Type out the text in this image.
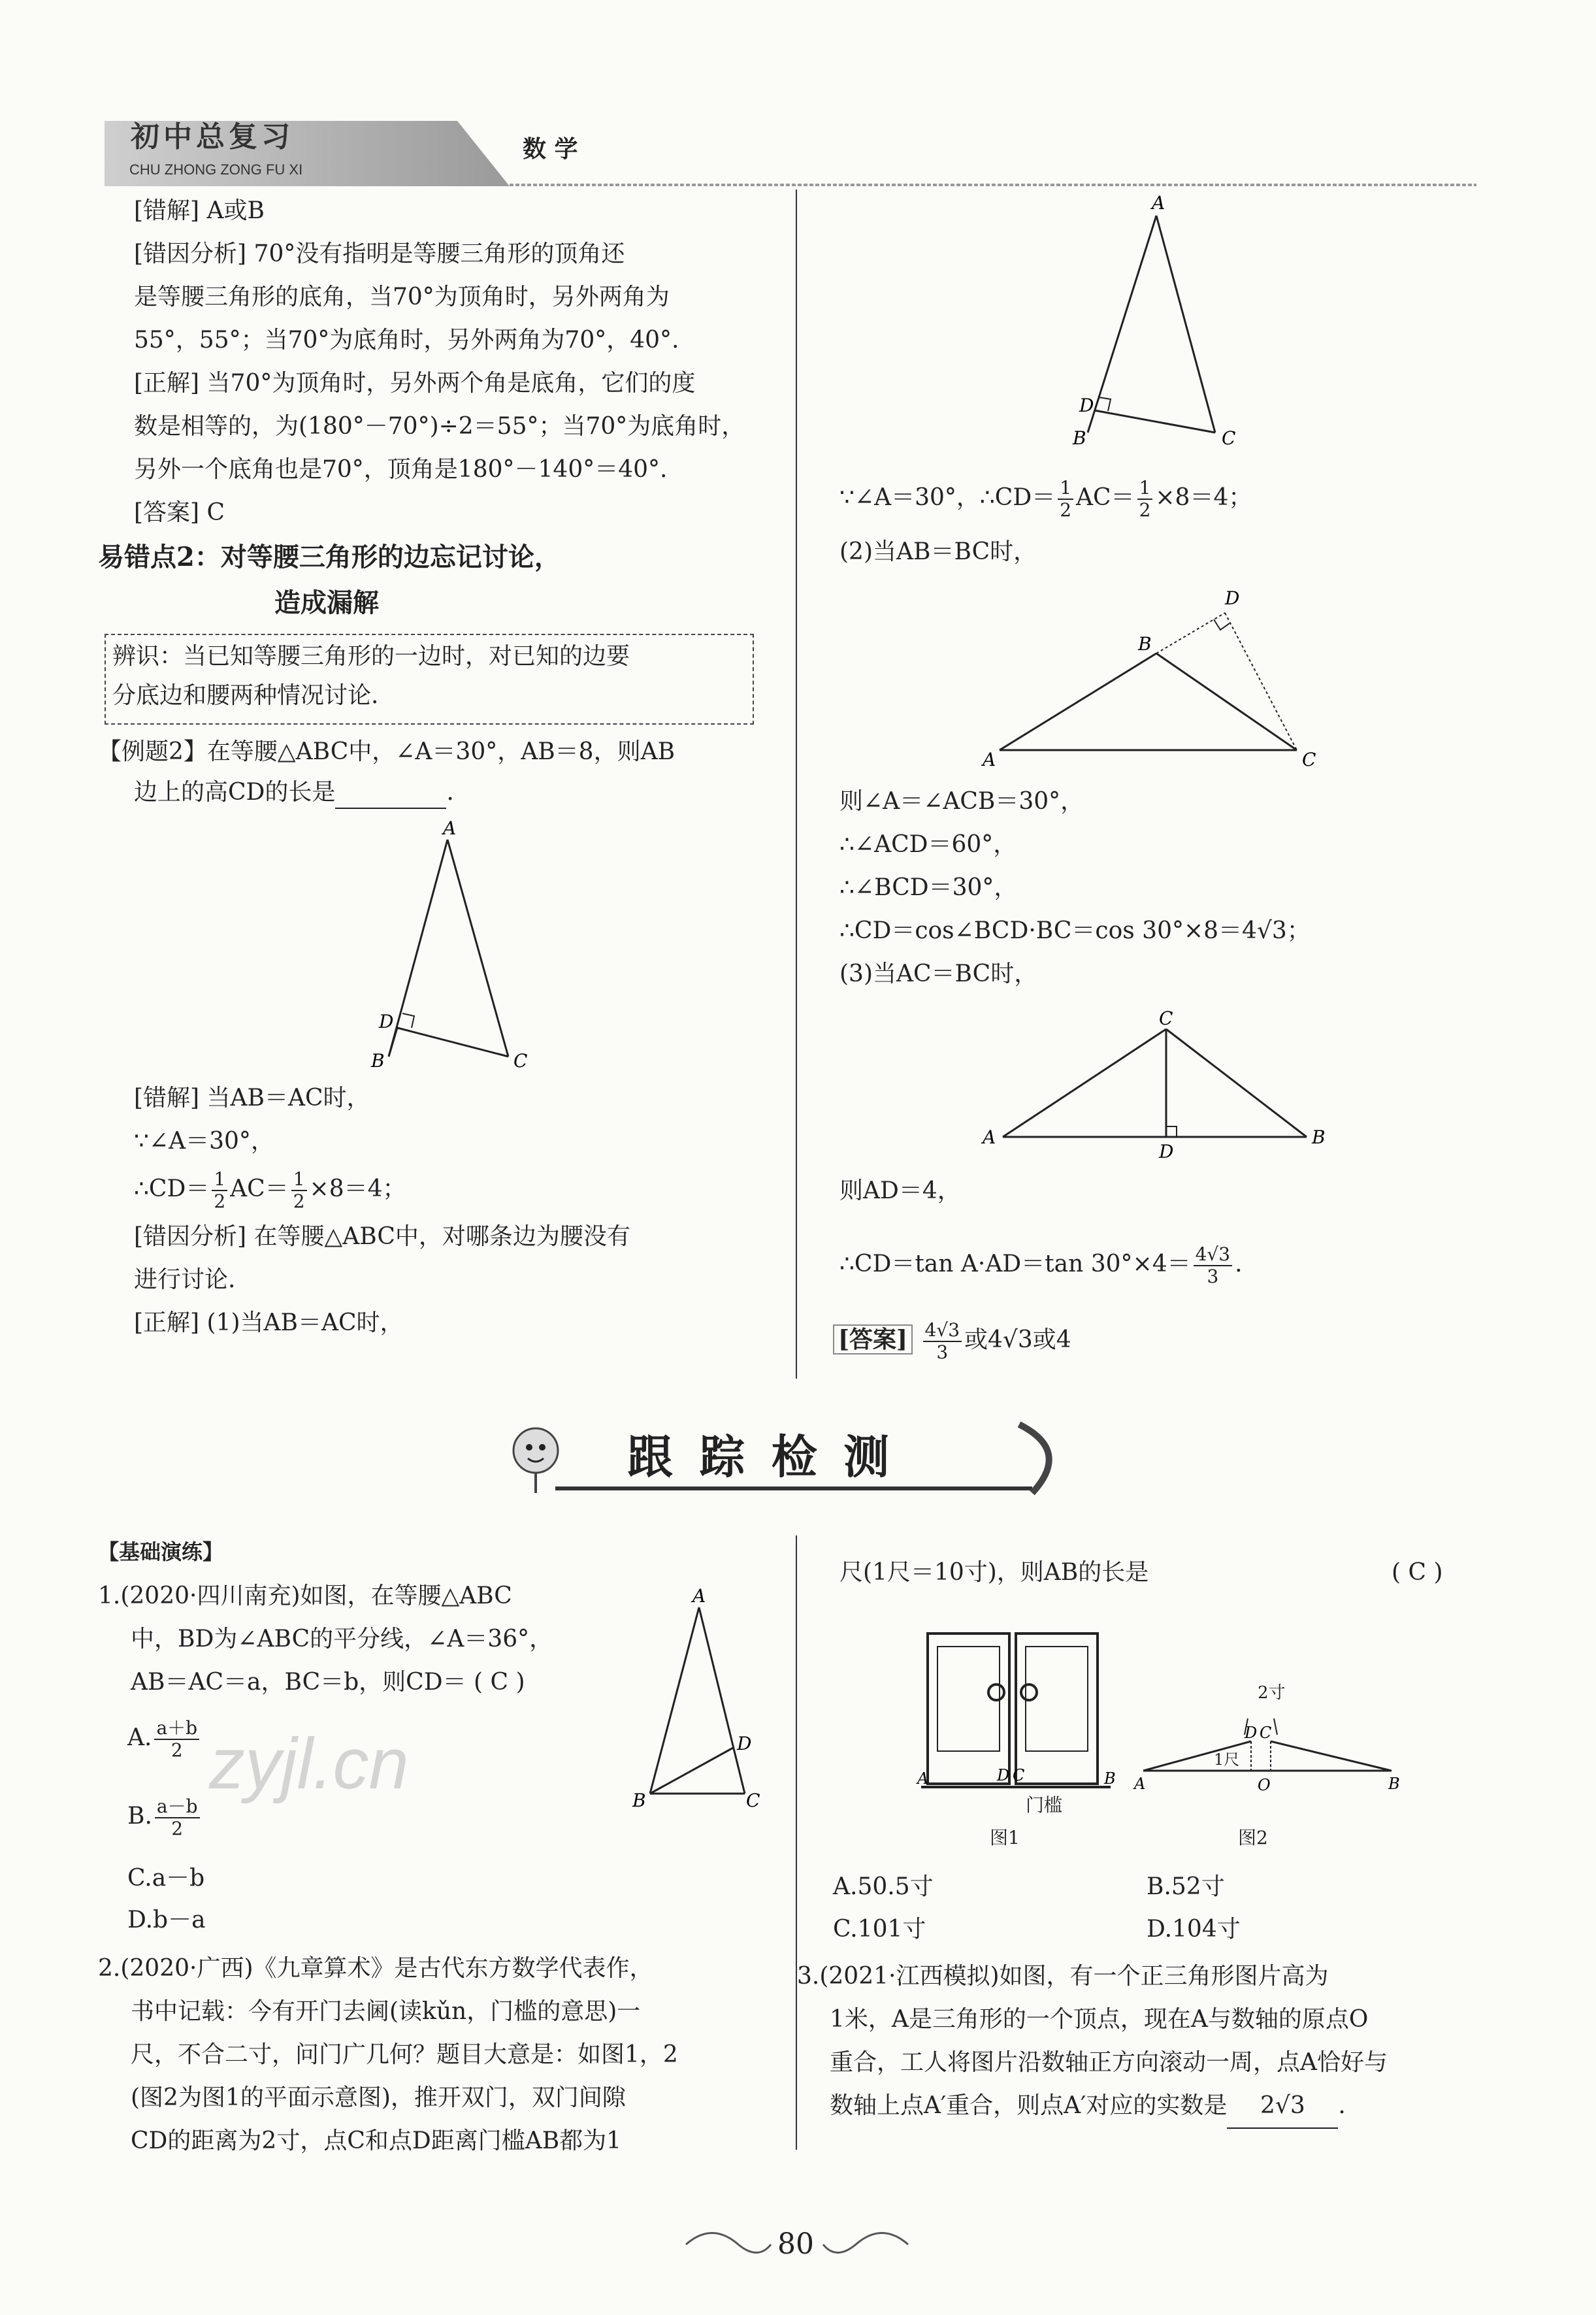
初中总复习
CHU ZHONG ZONG FU XI
数 学

[错解] A或B

[错因分析] 70°没有指明是等腰三角形的顶角还

是等腰三角形的底角，当70°为顶角时，另外两角为

55°，55°；当70°为底角时，另外两角为70°，40°.

[正解] 当70°为顶角时，另外两个角是底角，它们的度

数是相等的，为(180°－70°)÷2＝55°；当70°为底角时，

另外一个底角也是70°，顶角是180°－140°＝40°.

[答案] C

易错点2：对等腰三角形的边忘记讨论，
造成漏解
辨识：当已知等腰三角形的一边时，对已知的边要
分底边和腰两种情况讨论.
【例题2】在等腰△ABC中，∠A＝30°，AB＝8，则AB
边上的高CD的长是	.
A
D
B	C

[错解] 当AB＝AC时，

∵∠A＝30°，

∴CD＝ $\frac{1}{2} AC= \frac{1}{2} \times 8=4$；

[错因分析] 在等腰△ABC中，对哪条边为腰没有

进行讨论.

[正解] (1)当AB＝AC时，

A
D
B	C
∵∠A＝30°，∴CD＝ $\frac{1}{2} AC= \frac{1}{2} \times 8=4$；
(2)当AB＝BC时，
D
B
A	C

则∠A＝∠ACB＝30°，

∴∠ACD＝60°，

∴∠BCD＝30°，

∴CD＝cos∠BCD·BC＝cos 30°×8＝4√3；

(3)当AC＝BC时，

C
A	B
D
则AD＝4，
∴CD＝tan A·AD＝tan $30^\circ\times 4= \frac{4√3}{3}$ .
[答案] $\frac{4√3}{3}$ 或4√3或4
跟 踪 检 测
【基础演练】

1.(2020·四川南充)如图，在等腰△ABC

中，BD为∠ABC的平分线，∠A＝36°，

AB＝AC＝a，BC＝b，则CD＝ ( C )

A. $\frac{a+b}{2}$
B. $\frac{a-b}{2}$
C.a－b
D.b－a
zyjl.cn
A
D
B	C

2.(2020·广西)《九章算术》是古代东方数学代表作，

书中记载：今有开门去阃(读kǔn，门槛的意思)一

尺，不合二寸，问门广几何？题目大意是：如图1，2

(图2为图1的平面示意图)，推开双门，双门间隙

CD的距离为2寸，点C和点D距离门槛AB都为1

尺(1尺＝10寸)，则AB的长是	( C )
A	D C	B
门槛
图1
A	O	B
D C
2寸
1尺
图2
A.50.5寸	B.52寸
C.101寸	D.104寸

3.(2021·江西模拟)如图，有一个正三角形图片高为

1米，A是三角形的一个顶点，现在A与数轴的原点O

重合，工人将图片沿数轴正方向滚动一周，点A恰好与

数轴上点A′重合，则点A′对应的实数是 2√3 .

80
